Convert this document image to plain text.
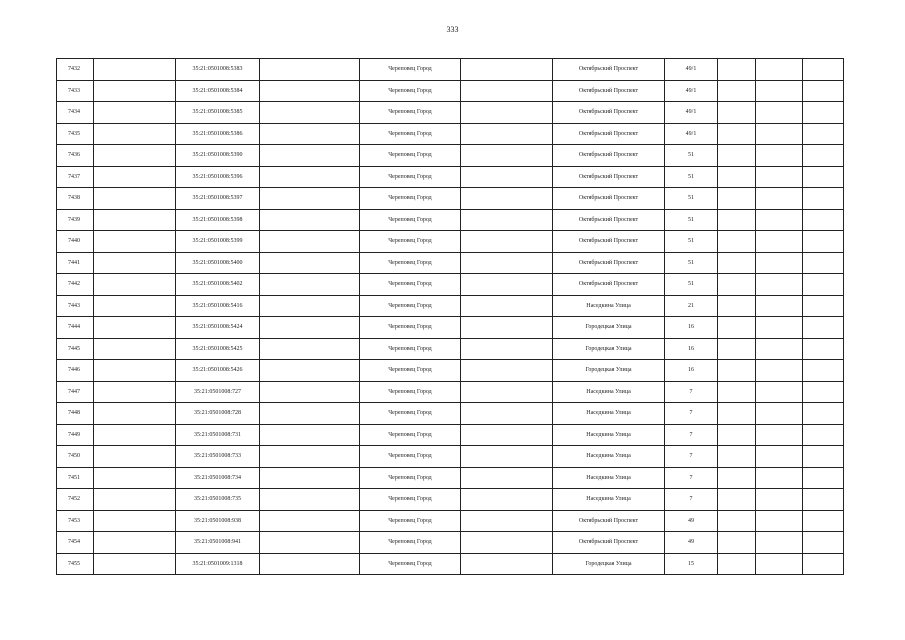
333
7432		35:21:0501008:5383		Череповец Город		Октябрьский Проспект	49/1			
7433		35:21:0501008:5384		Череповец Город		Октябрьский Проспект	49/1			
7434		35:21:0501008:5385		Череповец Город		Октябрьский Проспект	49/1			
7435		35:21:0501008:5386		Череповец Город		Октябрьский Проспект	49/1			
7436		35:21:0501008:5390		Череповец Город		Октябрьский Проспект	51			
7437		35:21:0501008:5396		Череповец Город		Октябрьский Проспект	51			
7438		35:21:0501008:5397		Череповец Город		Октябрьский Проспект	51			
7439		35:21:0501008:5398		Череповец Город		Октябрьский Проспект	51			
7440		35:21:0501008:5399		Череповец Город		Октябрьский Проспект	51			
7441		35:21:0501008:5400		Череповец Город		Октябрьский Проспект	51			
7442		35:21:0501008:5402		Череповец Город		Октябрьский Проспект	51			
7443		35:21:0501008:5416		Череповец Город		Наседкина Улица	21			
7444		35:21:0501008:5424		Череповец Город		Городецкая Улица	16			
7445		35:21:0501008:5425		Череповец Город		Городецкая Улица	16			
7446		35:21:0501008:5426		Череповец Город		Городецкая Улица	16			
7447		35:21:0501008:727		Череповец Город		Наседкина Улица	7			
7448		35:21:0501008:728		Череповец Город		Наседкина Улица	7			
7449		35:21:0501008:731		Череповец Город		Наседкина Улица	7			
7450		35:21:0501008:733		Череповец Город		Наседкина Улица	7			
7451		35:21:0501008:734		Череповец Город		Наседкина Улица	7			
7452		35:21:0501008:735		Череповец Город		Наседкина Улица	7			
7453		35:21:0501008:938		Череповец Город		Октябрьский Проспект	49			
7454		35:21:0501008:941		Череповец Город		Октябрьский Проспект	49			
7455		35:21:0501009:1318		Череповец Город		Городецкая Улица	15			
